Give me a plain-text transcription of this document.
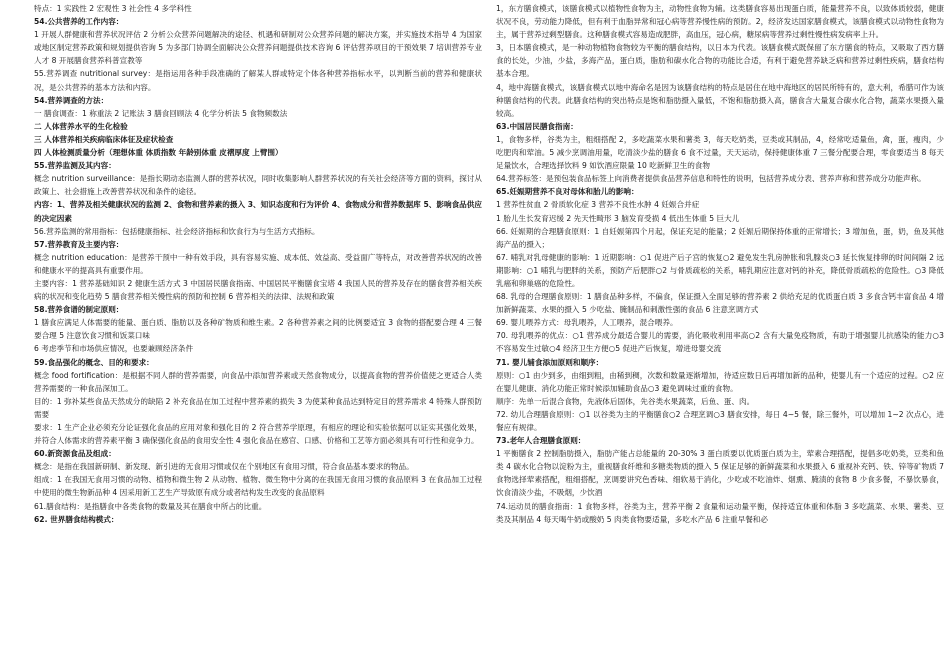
特点：1 实践性 2 宏观性 3 社会性 4 多学科性

54.公共营养的工作内容：

1 开展人群健康和营养状况评估 2 分析公众营养问题解决的途径、机遇和研制对公众营养问题的解决方案，并实施技术指导 4 为国家或地区制定营养政策和规划提供咨询 5 为多部门协调全面解决公众营养问题提供技术咨询 6 评估营养项目的干预效果 7 培训营养专业人才 8 开展膳食营养科普宣教等

55.营养调查 nutritional survey：是指运用各种手段准确的了解某人群或特定个体各种营养指标水平，以判断当前的营养和健康状况，是公共营养的基本方法和内容。

54.营养调查的方法：

一 膳食调查：1 称重法 2 记账法 3 膳食回顾法 4 化学分析法 5 食物频数法

二 人体营养水平的生化检验

三 人体营养相关疾病临床体征及症状检查

四 人体检测质量分析（理想体重 体质指数 年龄别体重 皮褶厚度 上臂围）

55.营养监测及其内容：

概念 nutrition surveillance：是指长期动态监测人群的营养状况，同时收集影响人群营养状况的有关社会经济等方面的资料，探讨从政策上、社会措施上改善营养状况和条件的途径。

内容：1、营养及相关健康状况的监测 2、食物和营养素的摄入 3、知识态度和行为评价 4、食物成分和营养数据库 5、影响食品供应的决定因素

56.营养监测的常用指标：包括健康指标、社会经济指标和饮食行为与生活方式指标。

57.营养教育及主要内容：

概念 nutrition education：是营养干预中一种有效手段，具有容易实施、成本低、效益高、受益面广等特点，对改善营养状况的改善和健康水平的提高具有重要作用。

主要内容：1 营养基础知识 2 健康生活方式 3 中国居民膳食指南、中国居民平衡膳食宝塔 4 我国人民的营养及存在的膳食营养相关疾病的状况和变化趋势 5 膳食营养相关慢性病的预防和控制 6 营养相关的法律、法规和政策

58.营养食谱的制定原则：

1 膳食应满足人体需要的能量、蛋白质、脂肪以及各种矿物质和维生素。2 各种营养素之间的比例要适宜 3 食物的搭配要合理 4 三餐要合理 5 注意饮食习惯和饭菜口味

6 考虑季节和市场供应情况，也要兼顾经济条件

59.食品强化的概念、目的和要求：

概念 food fortification：是根据不同人群的营养需要，向食品中添加营养素或天然食物成分，以提高食物的营养价值使之更适合人类营养需要的一种食品深加工。

目的：1 弥补某些食品天然成分的缺陷 2 补充食品在加工过程中营养素的损失 3 为使某种食品达到特定目的营养需求 4 特殊人群预防需要

要求：1 生产企业必须充分论证强化食品的应用对象和强化目的 2 符合营养学原理，有相应的理论和实验依据可以证实其强化效果，并符合人体需求的营养素平衡 3 确保强化食品的食用安全性 4 强化食品在感官、口感、价格和工艺等方面必须具有可行性和竞争力。

60.新资源食品及组成：

概念：是指在我国新研制、新发现、新引进的无食用习惯或仅在个别地区有食用习惯，符合食品基本要求的物品。

组成：1 在我国无食用习惯的动物、植物和微生物 2 从动物、植物、微生物中分离的在我国无食用习惯的食品原料 3 在食品加工过程中使用的微生物新品种 4 因采用新工艺生产导致原有成分或者结构发生改变的食品原料

61.膳食结构：是指膳食中各类食物的数量及其在膳食中所占的比重。

62. 世界膳食结构模式：

1，东方膳食模式，该膳食模式以植物性食物为主，动物性食物为辅。这类膳食容易出现蛋白质，能量营养不良，以致体质较弱，健康状况不良，劳动能力降低，但有利于血脂异常和冠心病等营养慢性病的预防。2，经济发达国家膳食模式，该膳食模式以动物性食物为主，属于营养过剩型膳食。这种膳食模式容易造成肥胖，高血压，冠心病，糖尿病等营养过剩性慢性病发病率上升。

3，日本膳食模式，是一种动物植物食物较为平衡的膳食结构，以日本为代表。该膳食模式既保留了东方膳食的特点，又吸取了西方膳食的长处，少油，少盐，多海产品，蛋白质，脂肪和碳水化合物的功能比合适，有利于避免营养缺乏病和营养过剩性疾病，膳食结构基本合理。

4，地中海膳食模式，该膳食模式以地中海命名是因为该膳食结构的特点是居住在地中海地区的居民所特有的，意大利，希腊可作为该种膳食结构的代表。此膳食结构的突出特点是饱和脂肪摄入量低，不饱和脂肪摄入高，膳食含大量复合碳水化合物，蔬菜水果摄入量较高。

63.中国居民膳食指南：

1，食物多样，谷类为主，粗细搭配 2，多吃蔬菜水果和薯类 3，每天吃奶类，豆类或其制品，4，经常吃适量鱼，禽，蛋，瘦肉，少吃肥肉和荤油。5 减少烹调油用量，吃清淡少盐的膳食 6 食不过量，天天运动，保持健康体重 7 三餐分配要合理，零食要适当 8 每天足量饮水，合理选择饮料 9 如饮酒应限量 10 吃新鲜卫生的食物

64.营养标签：是预包装食品标签上向消费者提供食品营养信息和特性的说明，包括营养成分表、营养声称和营养成分功能声称。

65.妊娠期营养不良对母体和胎儿的影响：

1 营养性贫血 2 骨质软化症 3 营养不良性水肿 4 妊娠合并症

1 胎儿生长发育迟缓 2 先天性畸形 3 脑发育受损 4 低出生体重 5 巨大儿

66. 妊娠期的合理膳食原则：1 自妊娠第四个月起，保证充足的能量；2 妊娠后期保持体重的正常增长；3 增加鱼，蛋，奶，鱼及其他海产品的摄入；

67. 哺乳对乳母健康的影响：1 近期影响：○1 促进产后子宫的恢复○2 避免发生乳房肿胀和乳腺炎○3 延长恢复排卵的时间间隔 2 远期影响：○1 哺乳与肥胖的关系，预防产后肥胖○2 与骨质疏松的关系，哺乳期应注意对钙的补充，降低骨质疏松的危险性。○3 降低乳癌和卵巢癌的危险性。

68. 乳母的合理膳食原则：1 膳食品种多样，不偏食，保证摄入全面足够的营养素 2 供给充足的优质蛋白质 3 多食含钙丰富食品 4 增加新鲜蔬菜、水果的摄入 5 少吃盐、腌制品和刺激性强的食品 6 注意烹调方式

69. 婴儿喂养方式：母乳喂养，人工喂养，混合喂养。

70. 母乳喂养的优点：○1 营养成分最适合婴儿的需要，消化吸收利用率高○2 含有大量免疫物质，有助于增强婴儿抗感染的能力○3 不容易发生过敏○4 经济卫生方便○5 促进产后恢复，增进母婴交流

71. 婴儿辅食添加原则和顺序：

原则：○1 由少到多，由细到粗，由稀到稠，次数和数量逐渐增加，待适应数日后再增加新的品种，使婴儿有一个适应的过程。○2 应在婴儿健康、消化功能正常时候添加辅助食品○3 避免调味过重的食物。

顺序：先单一后混合食物，先液体后固体，先谷类水果蔬菜，后鱼、蛋、肉。

72. 幼儿合理膳食原则：○1 以谷类为主的平衡膳食○2 合理烹调○3 膳食安排，每日 4~5 餐，除三餐外，可以增加 1~2 次点心，进餐应有规律。

73.老年人合理膳食原则：

1 平衡膳食 2 控制脂肪摄入，脂肪产能占总能量的 20-30% 3 蛋白质要以优质蛋白质为主，荤素合理搭配，提倡多吃奶类，豆类和鱼类 4 碳水化合物以淀粉为主，重视膳食纤维和多糖类物质的摄入 5 保证足够的新鲜蔬菜和水果摄入 6 重视补充钙、铁、锌等矿物质 7 食物选择荤素搭配，粗细搭配，烹调要讲究色香味、细软易于消化，少吃或不吃油炸、烟熏、腌渍的食物 8 少食多餐，不暴饮暴食，饮食清淡少盐，不吸烟，少饮酒

74.运动员的膳食指南：1 食物多样，谷类为主，营养平衡 2 食量和运动量平衡，保持适宜体重和体脂 3 多吃蔬菜、水果、薯类、豆类及其制品 4 每天喝牛奶或酸奶 5 肉类食物要适量，多吃水产品 6 注重早餐和必
